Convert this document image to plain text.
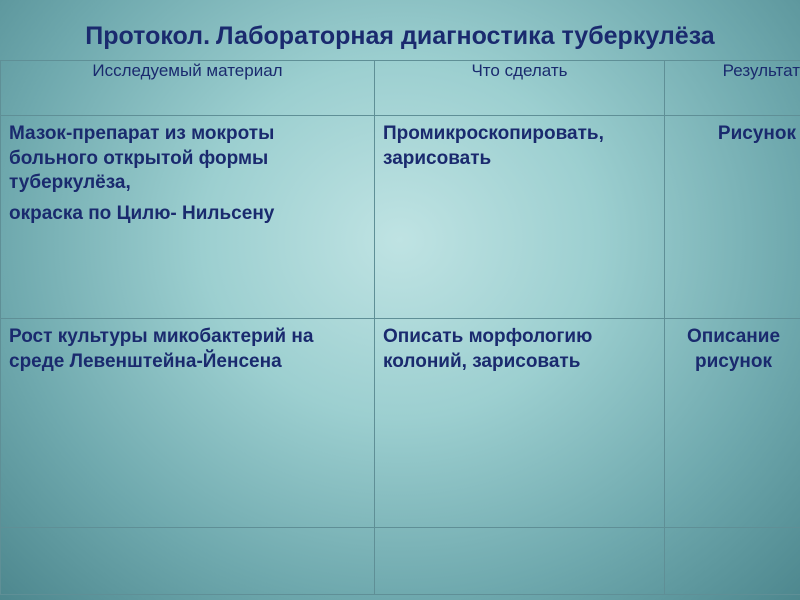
Протокол. Лабораторная диагностика туберкулёза
Исследуемый материал	Что сделать	Результат

Мазок-препарат из мокроты больного открытой формы туберкулёза,
окраска по Цилю- Нильсену	Промикроскопировать, зарисовать	Рисунок

Рост культуры микобактерий на среде Левенштейна-Йенсена	Описать морфологию колоний, зарисовать	Описание рисунок
